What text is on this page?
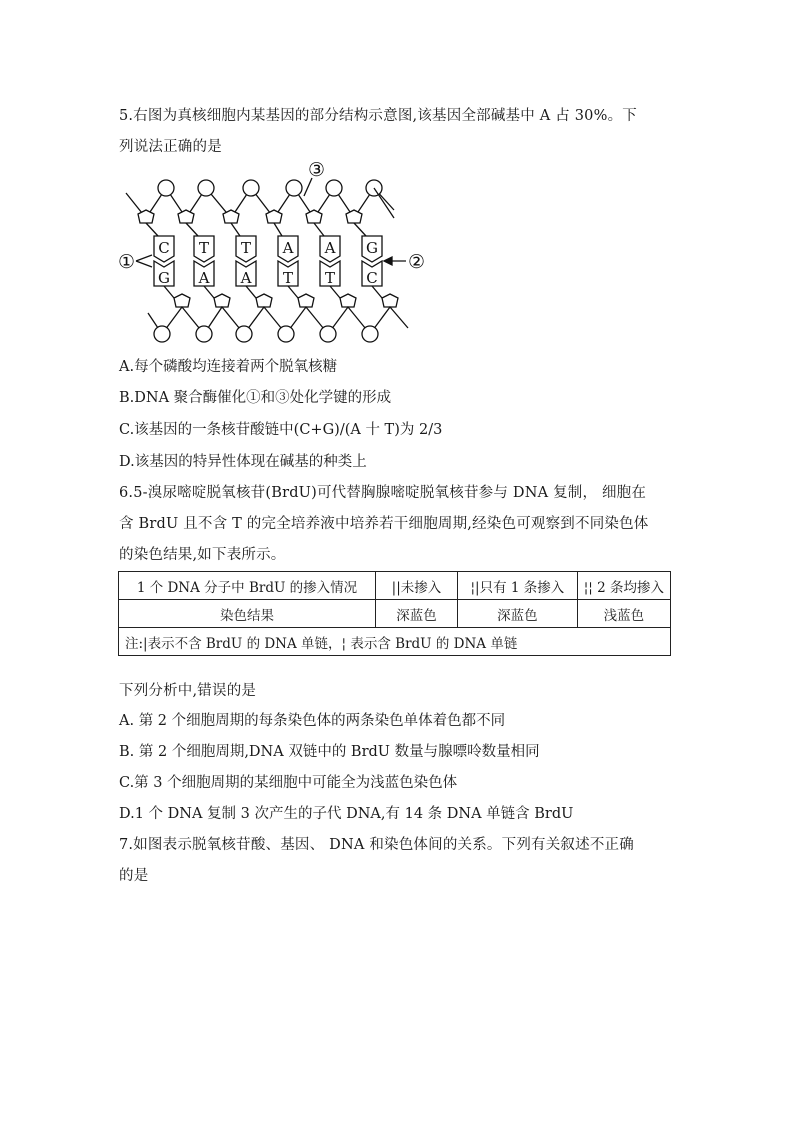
5.右图为真核细胞内某基因的部分结构示意图,该基因全部碱基中 A 占 30%。下
列说法正确的是
C T T A A G
G A A T T C
①	②
③
A.每个磷酸均连接着两个脱氧核糖
B.DNA 聚合酶催化①和③处化学键的形成
C.该基因的一条核苷酸链中(C+G)/(A 十 T)为 2/3
D.该基因的特异性体现在碱基的种类上
6.5-溴尿嘧啶脱氧核苷(BrdU)可代替胸腺嘧啶脱氧核苷参与 DNA 复制， 细胞在
含 BrdU 且不含 T 的完全培养液中培养若干细胞周期,经染色可观察到不同染色体
的染色结果,如下表所示。
1 个 DNA 分子中 BrdU 的掺入情况	||未掺入	¦|只有 1 条掺入	¦¦ 2 条均掺入
染色结果	深蓝色	深蓝色	浅蓝色
注:|表示不含 BrdU 的 DNA 单链，¦ 表示含 BrdU 的 DNA 单链			
下列分析中,错误的是
A. 第 2 个细胞周期的每条染色体的两条染色单体着色都不同
B. 第 2 个细胞周期,DNA 双链中的 BrdU 数量与腺嘌呤数量相同
C.第 3 个细胞周期的某细胞中可能全为浅蓝色染色体
D.1 个 DNA 复制 3 次产生的子代 DNA,有 14 条 DNA 单链含 BrdU
7.如图表示脱氧核苷酸、基因、 DNA 和染色体间的关系。下列有关叙述不正确
的是
